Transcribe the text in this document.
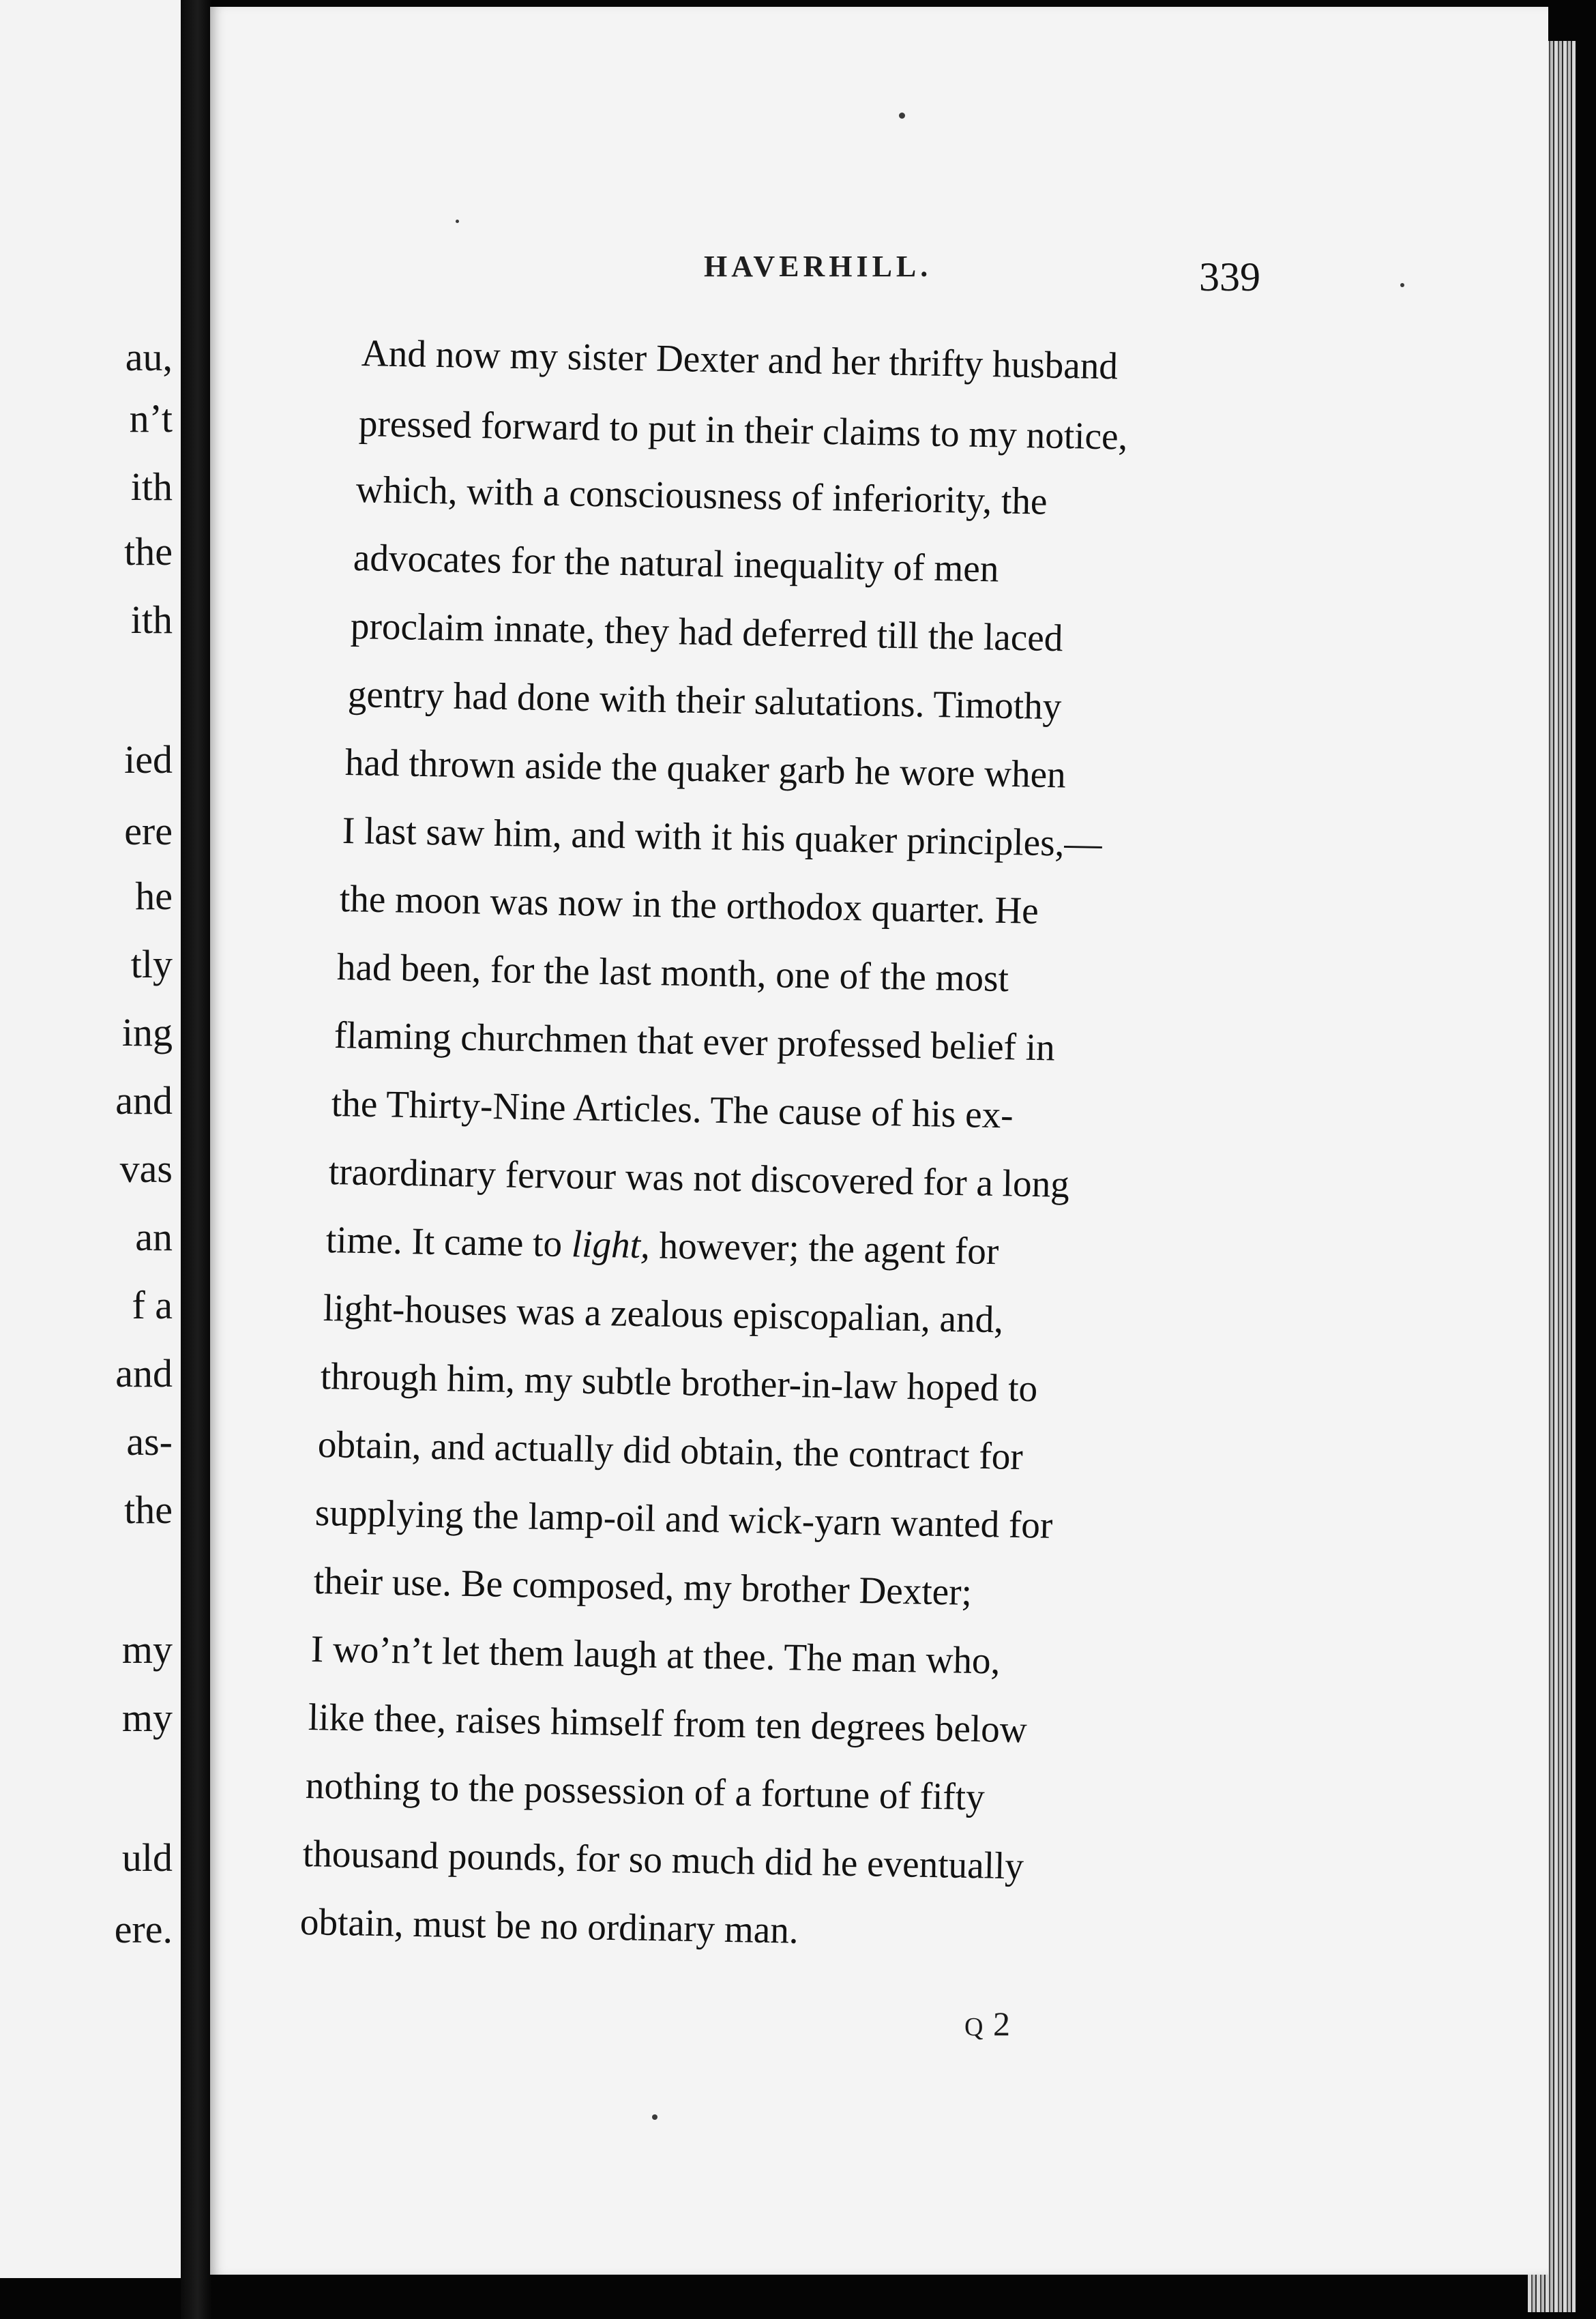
au,
n’t
ith
the
ith
ied
ere
he
tly
ing
and
vas
an
f a
and
as-
the
my
my
uld
ere.
HAVERHILL.	339
And now my sister Dexter and her thrifty husband
pressed forward to put in their claims to my notice,
which, with a consciousness of inferiority, the
advocates for the natural inequality of men
proclaim innate, they had deferred till the laced
gentry had done with their salutations. Timothy
had thrown aside the quaker garb he wore when
I last saw him, and with it his quaker principles,—
the moon was now in the orthodox quarter. He
had been, for the last month, one of the most
flaming churchmen that ever professed belief in
the Thirty-Nine Articles. The cause of his ex-
traordinary fervour was not discovered for a long
time. It came to light, however; the agent for
light-houses was a zealous episcopalian, and,
through him, my subtle brother-in-law hoped to
obtain, and actually did obtain, the contract for
supplying the lamp-oil and wick-yarn wanted for
their use. Be composed, my brother Dexter;
I wo’n’t let them laugh at thee. The man who,
like thee, raises himself from ten degrees below
nothing to the possession of a fortune of fifty
thousand pounds, for so much did he eventually
obtain, must be no ordinary man.
Q 2
